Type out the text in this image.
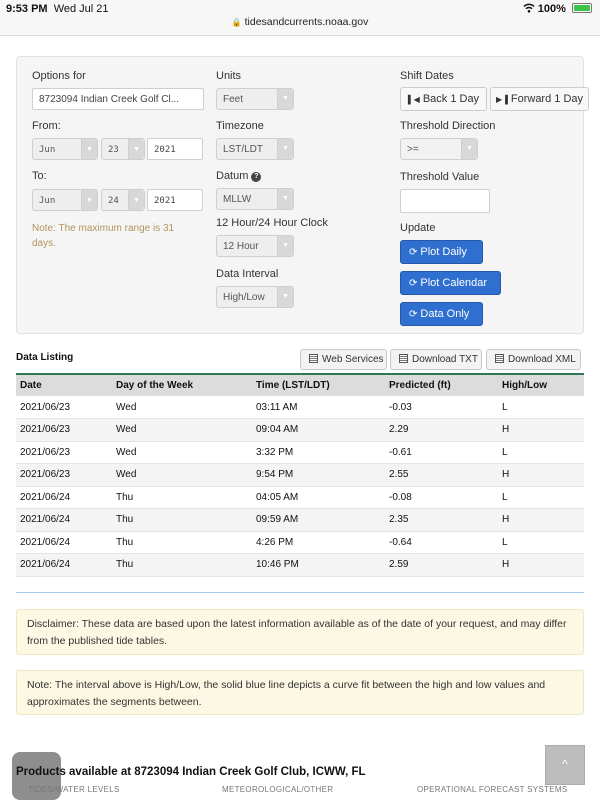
9:53 PM Wed Jul 21
🔒 tidesandcurrents.noaa.gov
100%
Options for
8723094 Indian Creek Golf Cl...
From:
Jun	▼	23	▼	2021
To:
Jun	▼	24	▼	2021
Note: The maximum range is 31 days.
Units
Feet	▼
Timezone
LST/LDT	▼
Datum ?
MLLW	▼
12 Hour/24 Hour Clock
12 Hour	▼
Data Interval
High/Low	▼
Shift Dates
▌◀ Back 1 Day	▶▐ Forward 1 Day
Threshold Direction
>=	▼
Threshold Value
Update
⟳ Plot Daily
⟳ Plot Calendar
⟳ Data Only
Data Listing	Web Services	Download TXT	Download XML
Date	Day of the Week	Time (LST/LDT)	Predicted (ft)	High/Low
2021/06/23	Wed	03:11 AM	-0.03	L
2021/06/23	Wed	09:04 AM	2.29	H
2021/06/23	Wed	3:32 PM	-0.61	L
2021/06/23	Wed	9:54 PM	2.55	H
2021/06/24	Thu	04:05 AM	-0.08	L
2021/06/24	Thu	09:59 AM	2.35	H
2021/06/24	Thu	4:26 PM	-0.64	L
2021/06/24	Thu	10:46 PM	2.59	H
Disclaimer: These data are based upon the latest information available as of the date of your request, and may differ from the published tide tables.
Note: The interval above is High/Low, the solid blue line depicts a curve fit between the high and low values and approximates the segments between.
Products available at 8723094 Indian Creek Golf Club, ICWW, FL
TIDES/WATER LEVELS	METEOROLOGICAL/OTHER	OPERATIONAL FORECAST SYSTEMS
^
